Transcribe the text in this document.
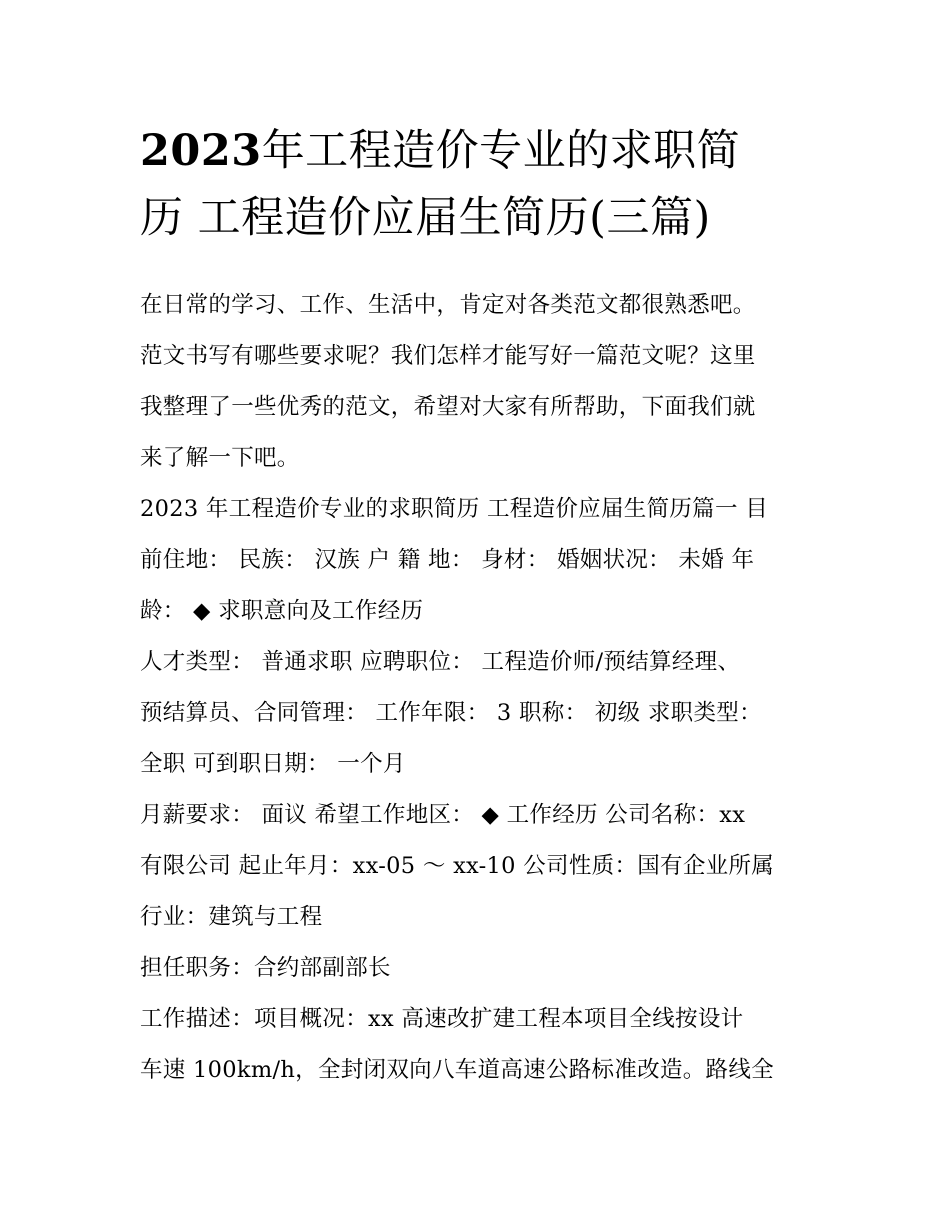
2023年工程造价专业的求职简
历 工程造价应届生简历(三篇)

在日常的学习、工作、生活中，肯定对各类范文都很熟悉吧。
范文书写有哪些要求呢？我们怎样才能写好一篇范文呢？这里
我整理了一些优秀的范文，希望对大家有所帮助，下面我们就
来了解一下吧。

2023 年工程造价专业的求职简历 工程造价应届生简历篇一 目
前住地： 民族： 汉族 户 籍 地： 身材： 婚姻状况： 未婚 年
龄： ◆ 求职意向及工作经历

人才类型： 普通求职 应聘职位： 工程造价师/预结算经理、
预结算员、合同管理： 工作年限： 3 职称： 初级 求职类型：
全职 可到职日期： 一个月

月薪要求： 面议 希望工作地区： ◆ 工作经历 公司名称：xx
有限公司 起止年月：xx-05 ～ xx-10 公司性质：国有企业所属
行业：建筑与工程

担任职务：合约部副部长

工作描述：项目概况：xx 高速改扩建工程本项目全线按设计
车速 100km/h，全封闭双向八车道高速公路标准改造。路线全
